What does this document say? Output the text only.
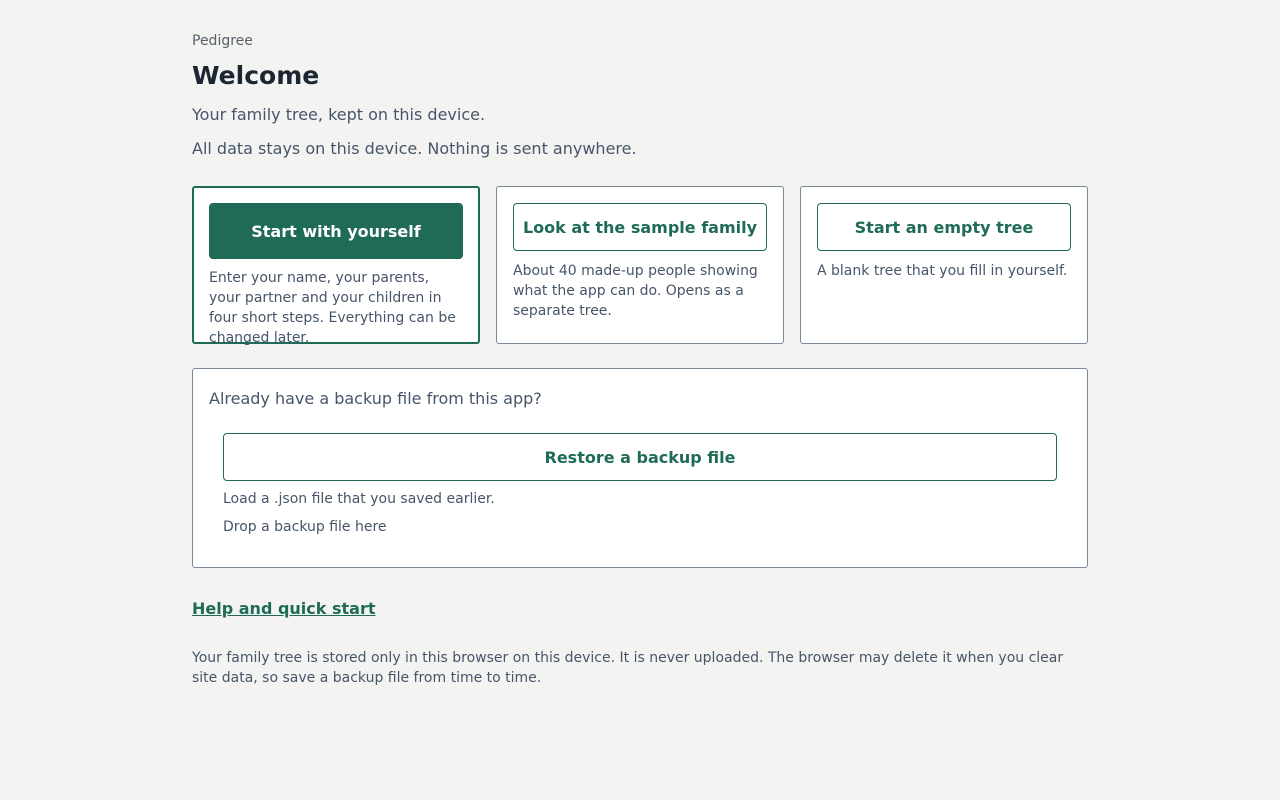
Pedigree
Welcome

Your family tree, kept on this device.

All data stays on this device. Nothing is sent anywhere.

Start with yourself

Enter your name, your parents, your partner and your children in four short steps. Everything can be changed later.

Look at the sample family

About 40 made-up people showing what the app can do. Opens as a separate tree.

Start an empty tree

A blank tree that you fill in yourself.

Already have a backup file from this app?

Restore a backup file

Load a .json file that you saved earlier.

Drop a backup file here

Help and quick start

Your family tree is stored only in this browser on this device. It is never uploaded. The browser may delete it when you clear site data, so save a backup file from time to time.
